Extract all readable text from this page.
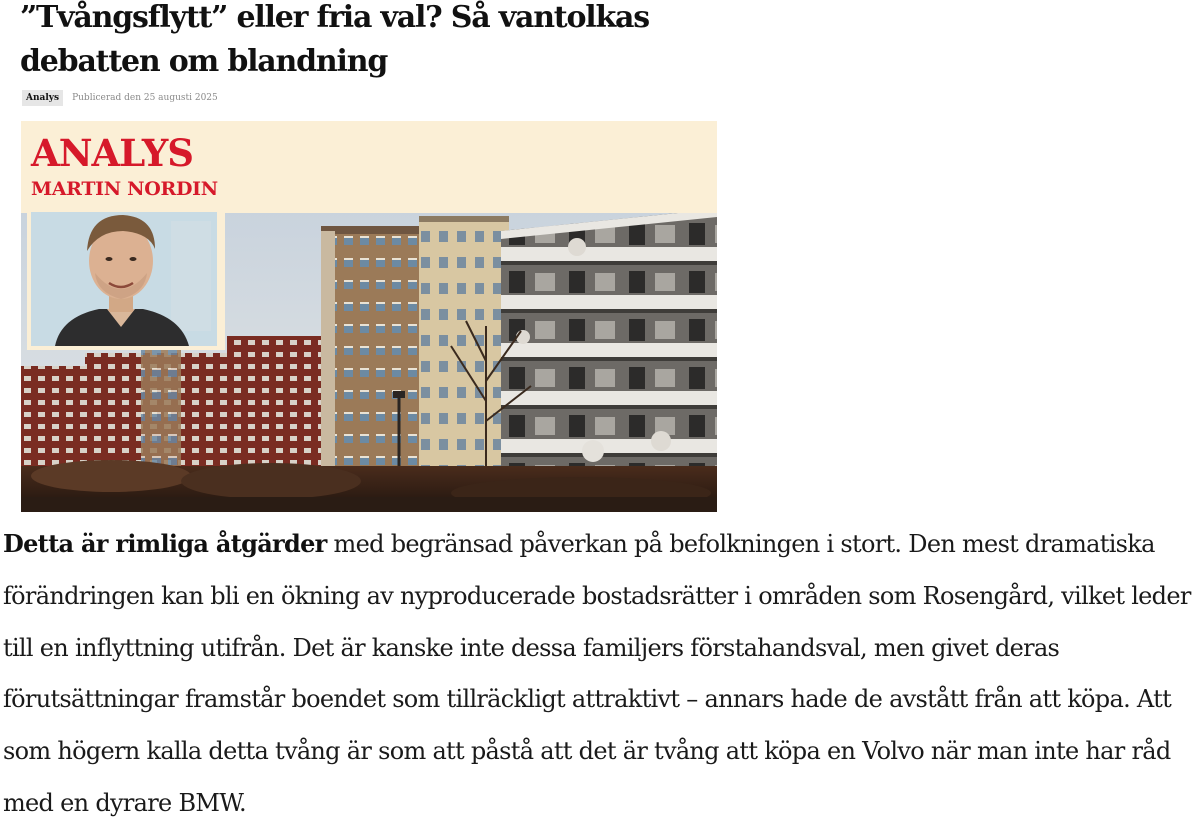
”Tvångsflytt” eller fria val? Så vantolkas debatten om blandning
Analys	Publicerad den 25 augusti 2025
ANALYS
MARTIN NORDIN

Detta är rimliga åtgärder med begränsad påverkan på befolkningen i stort. Den mest dramatiska förändringen kan bli en ökning av nyproducerade bostadsrätter i områden som Rosengård, vilket leder till en inflyttning utifrån. Det är kanske inte dessa familjers förstahandsval, men givet deras förutsättningar framstår boendet som tillräckligt attraktivt – annars hade de avstått från att köpa. Att som högern kalla detta tvång är som att påstå att det är tvång att köpa en Volvo när man inte har råd med en dyrare BMW.
